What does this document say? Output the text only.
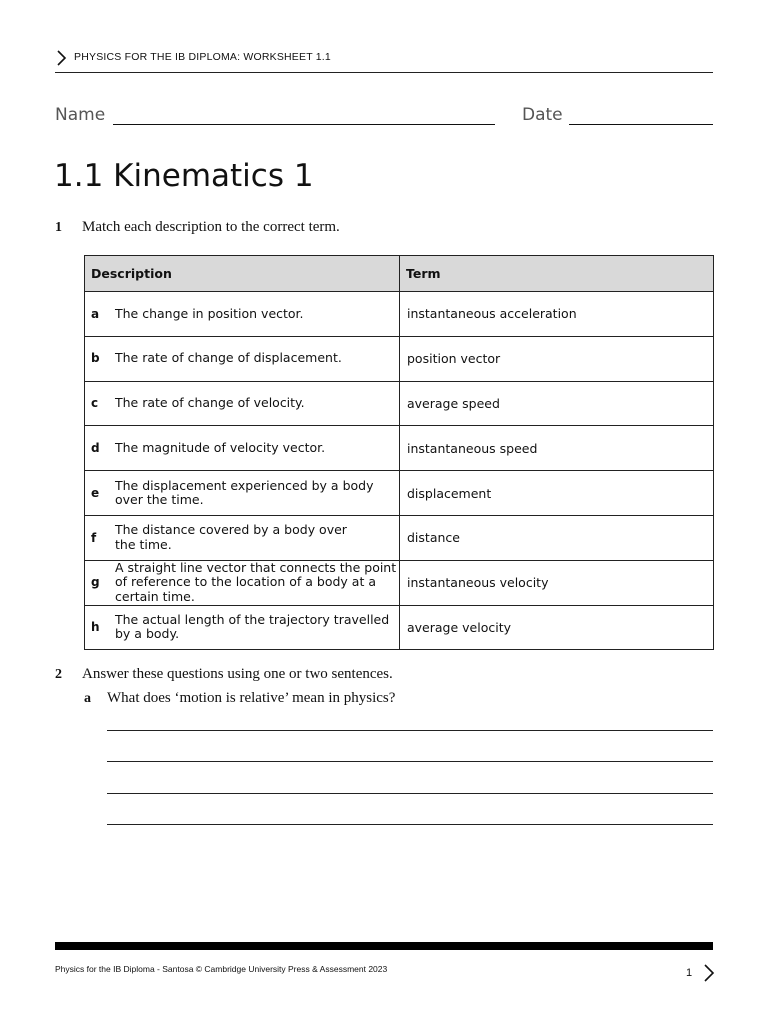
PHYSICS FOR THE IB DIPLOMA: WORKSHEET 1.1
Name	Date
1.1 Kinematics 1
1 Match each description to the correct term.
Description	Term

a The change in position vector.	instantaneous acceleration

b The rate of change of displacement.	position vector

c The rate of change of velocity.	average speed

d The magnitude of velocity vector.	instantaneous speed

e
The displacement experienced by a body over the time.	displacement

f
The distance covered by a body over the time.	distance

g
A straight line vector that connects the point of reference to the location of a body at a certain time.	instantaneous velocity

h
The actual length of the trajectory travelled by a body.	average velocity
2 Answer these questions using one or two sentences.
a What does ‘motion is relative’ mean in physics?
Physics for the IB Diploma - Santosa © Cambridge University Press & Assessment 2023	1
